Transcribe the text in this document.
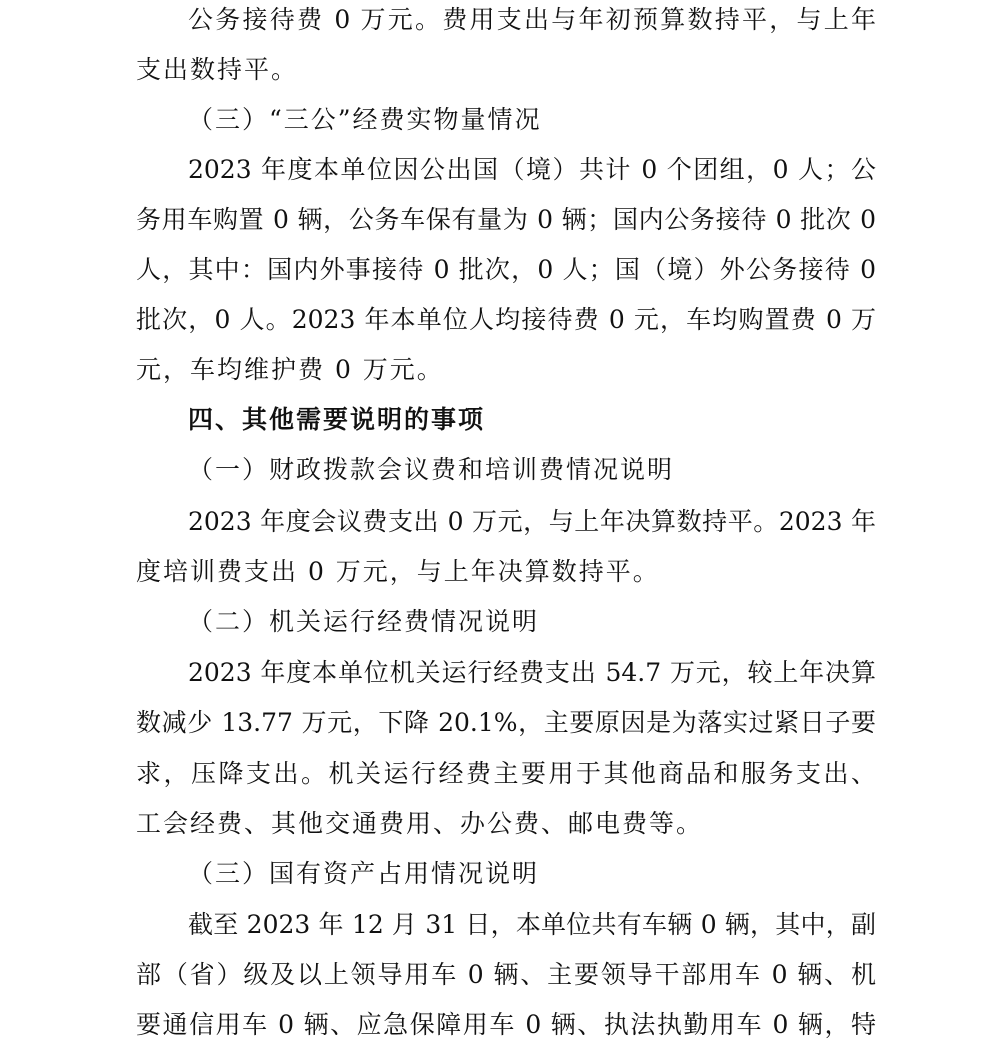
公务接待费 0 万元。费用支出与年初预算数持平，与上年
支出数持平。
（三）“三公”经费实物量情况
2023 年度本单位因公出国（境）共计 0 个团组，0 人；公
务用车购置 0 辆，公务车保有量为 0 辆；国内公务接待 0 批次 0
人，其中：国内外事接待 0 批次，0 人；国（境）外公务接待 0
批次，0 人。2023 年本单位人均接待费 0 元，车均购置费 0 万
元，车均维护费 0 万元。
四、其他需要说明的事项
（一）财政拨款会议费和培训费情况说明
2023 年度会议费支出 0 万元，与上年决算数持平。2023 年
度培训费支出 0 万元，与上年决算数持平。
（二）机关运行经费情况说明
2023 年度本单位机关运行经费支出 54.7 万元，较上年决算
数减少 13.77 万元，下降 20.1%，主要原因是为落实过紧日子要
求，压降支出。机关运行经费主要用于其他商品和服务支出、
工会经费、其他交通费用、办公费、邮电费等。
（三）国有资产占用情况说明
截至 2023 年 12 月 31 日，本单位共有车辆 0 辆，其中，副
部（省）级及以上领导用车 0 辆、主要领导干部用车 0 辆、机
要通信用车 0 辆、应急保障用车 0 辆、执法执勤用车 0 辆，特
